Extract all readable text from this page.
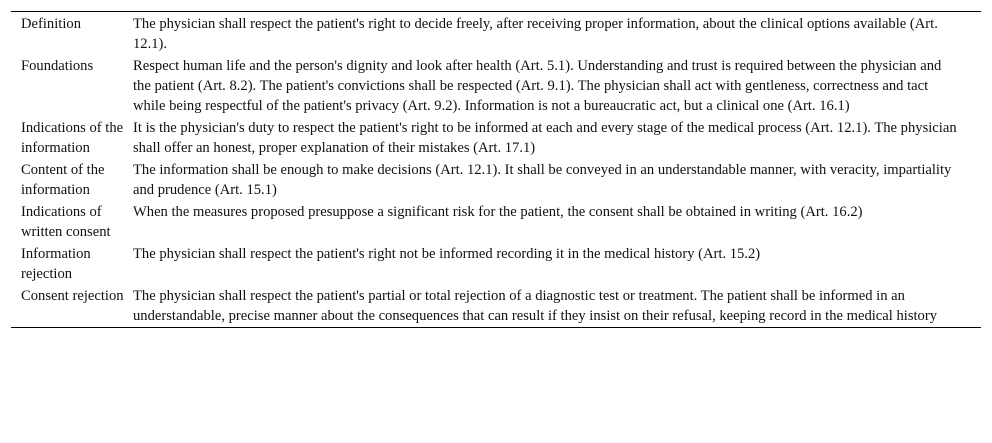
Definition	The physician shall respect the patient's right to decide freely, after receiving proper information, about the clinical options available (Art. 12.1).
Foundations	Respect human life and the person's dignity and look after health (Art. 5.1). Understanding and trust is required between the physician and the patient (Art. 8.2). The patient's convictions shall be respected (Art. 9.1). The physician shall act with gentleness, correctness and tact while being respectful of the patient's privacy (Art. 9.2). Information is not a bureaucratic act, but a clinical one (Art. 16.1)
Indications of the information	It is the physician's duty to respect the patient's right to be informed at each and every stage of the medical process (Art. 12.1). The physician shall offer an honest, proper explanation of their mistakes (Art. 17.1)
Content of the information	The information shall be enough to make decisions (Art. 12.1). It shall be conveyed in an understandable manner, with veracity, impartiality and prudence (Art. 15.1)
Indications of written consent	When the measures proposed presuppose a significant risk for the patient, the consent shall be obtained in writing (Art. 16.2)
Information rejection	The physician shall respect the patient's right not be informed recording it in the medical history (Art. 15.2)
Consent rejection	The physician shall respect the patient's partial or total rejection of a diagnostic test or treatment. The patient shall be informed in an understandable, precise manner about the consequences that can result if they insist on their refusal, keeping record in the medical history
